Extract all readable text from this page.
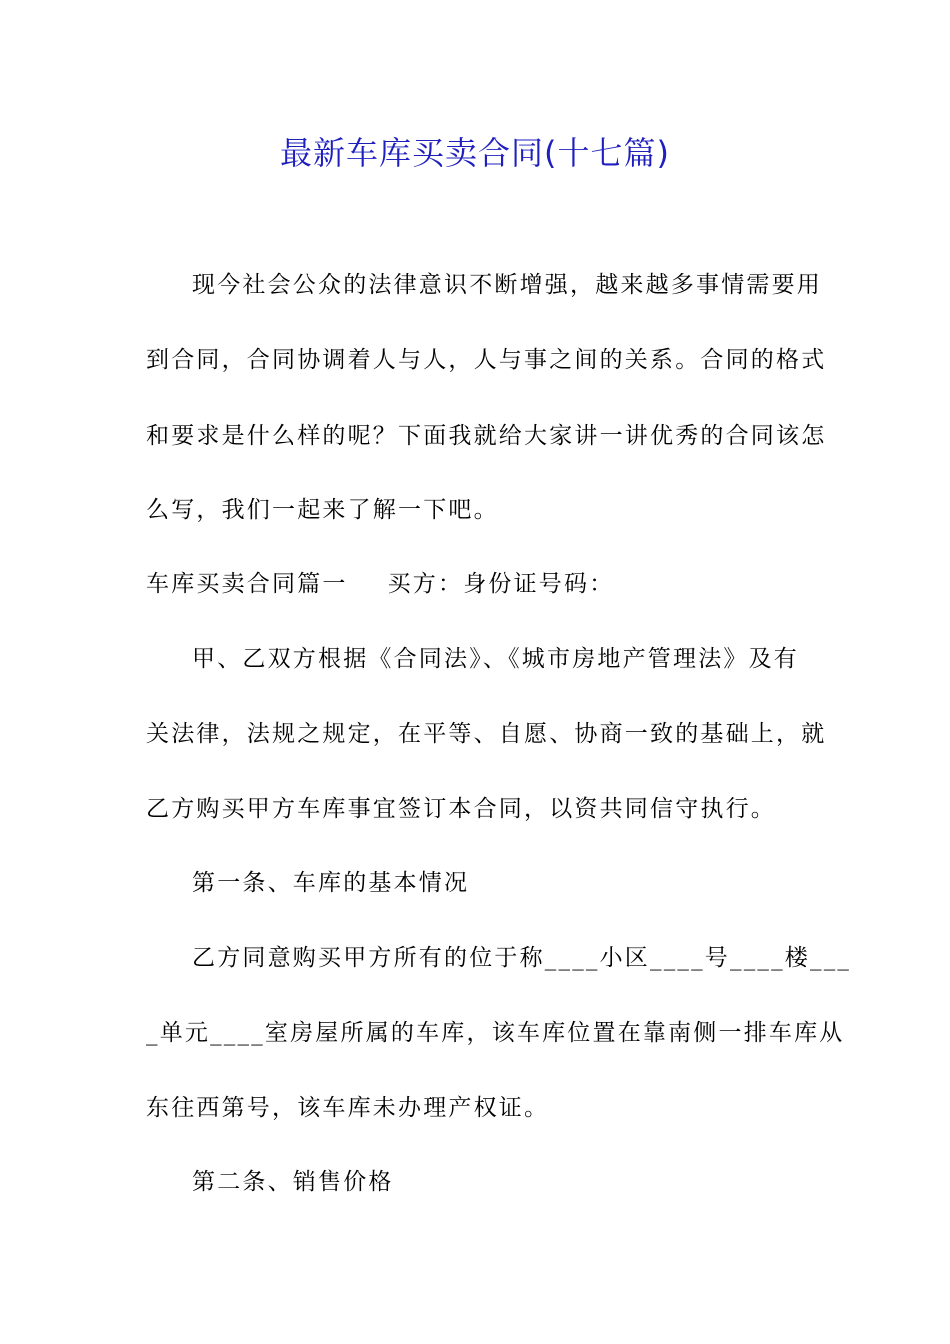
最新车库买卖合同(十七篇)
现今社会公众的法律意识不断增强，越来越多事情需要用
到合同，合同协调着人与人，人与事之间的关系。合同的格式
和要求是什么样的呢？下面我就给大家讲一讲优秀的合同该怎
么写，我们一起来了解一下吧。
车库买卖合同篇一 买方：身份证号码：
甲、乙双方根据《合同法》、《城市房地产管理法》及有
关法律，法规之规定，在平等、自愿、协商一致的基础上，就
乙方购买甲方车库事宜签订本合同，以资共同信守执行。
第一条、车库的基本情况
乙方同意购买甲方所有的位于称____小区____号____楼___
_单元____室房屋所属的车库，该车库位置在靠南侧一排车库从
东往西第号，该车库未办理产权证。
第二条、销售价格
